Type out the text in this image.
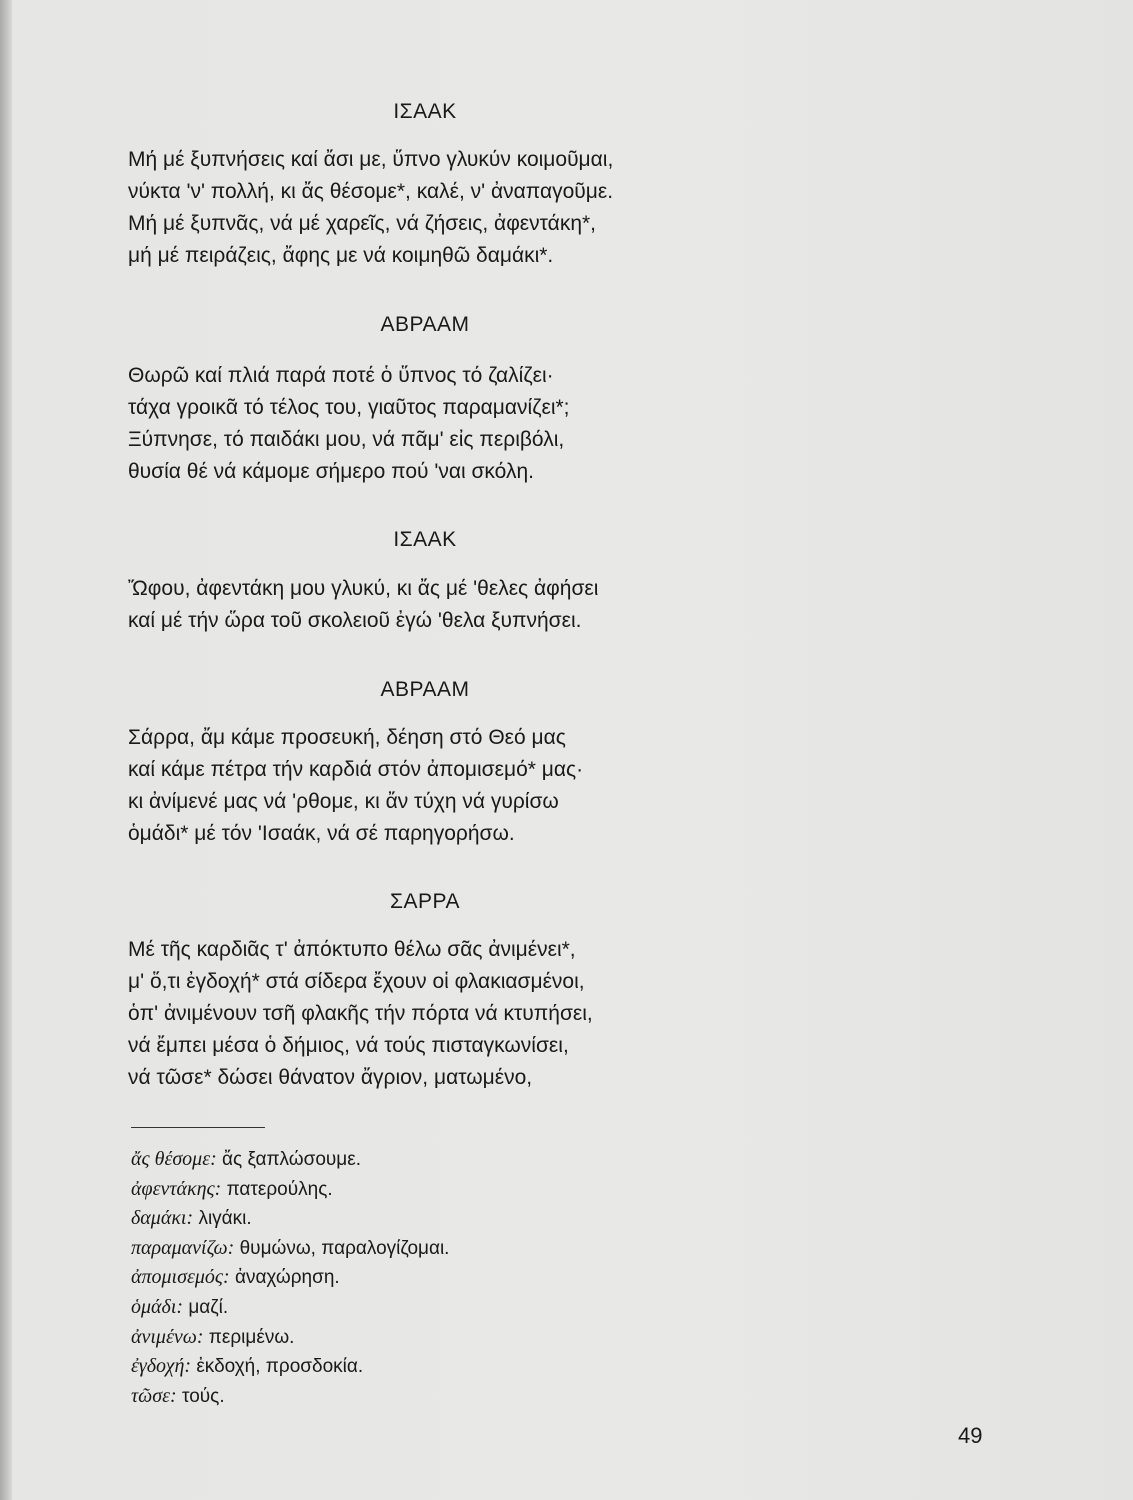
ΙΣΑΑΚ
Μή μέ ξυπνήσεις καί ἄσι με, ὕπνο γλυκύν κοιμοῦμαι,
νύκτα 'ν' πολλή, κι ἄς θέσομε*, καλέ, ν' ἀναπαγοῦμε.
Μή μέ ξυπνᾶς, νά μέ χαρεῖς, νά ζήσεις, ἀφεντάκη*,
μή μέ πειράζεις, ἄφης με νά κοιμηθῶ δαμάκι*.
ΑΒΡΑΑΜ
Θωρῶ καί πλιά παρά ποτέ ὁ ὕπνος τό ζαλίζει·
τάχα γροικᾶ τό τέλος του, γιαῦτος παραμανίζει*;
Ξύπνησε, τό παιδάκι μου, νά πᾶμ' εἰς περιβόλι,
θυσία θέ νά κάμομε σήμερο πού 'ναι σκόλη.
ΙΣΑΑΚ
Ὤφου, ἀφεντάκη μου γλυκύ, κι ἄς μέ 'θελες ἀφήσει
καί μέ τήν ὥρα τοῦ σκολειοῦ ἐγώ 'θελα ξυπνήσει.
ΑΒΡΑΑΜ
Σάρρα, ἄμ κάμε προσευκή, δέηση στό Θεό μας
καί κάμε πέτρα τήν καρδιά στόν ἀπομισεμό* μας·
κι ἀνίμενέ μας νά 'ρθομε, κι ἄν τύχη νά γυρίσω
ὁμάδι* μέ τόν 'Ισαάκ, νά σέ παρηγορήσω.
ΣΑΡΡΑ
Μέ τῆς καρδιᾶς τ' ἀπόκτυπο θέλω σᾶς ἀνιμένει*,
μ' ὅ,τι ἐγδοχή* στά σίδερα ἔχουν οἱ φλακιασμένοι,
ὁπ' ἀνιμένουν τσῆ φλακῆς τήν πόρτα νά κτυπήσει,
νά ἔμπει μέσα ὁ δήμιος, νά τούς πισταγκωνίσει,
νά τῶσε* δώσει θάνατον ἄγριον, ματωμένο,
ἄς θέσομε: ἄς ξαπλώσουμε.
ἀφεντάκης: πατερούλης.
δαμάκι: λιγάκι.
παραμανίζω: θυμώνω, παραλογίζομαι.
ἀπομισεμός: ἀναχώρηση.
ὁμάδι: μαζί.
ἀνιμένω: περιμένω.
ἐγδοχή: ἐκδοχή, προσδοκία.
τῶσε: τούς.
49
